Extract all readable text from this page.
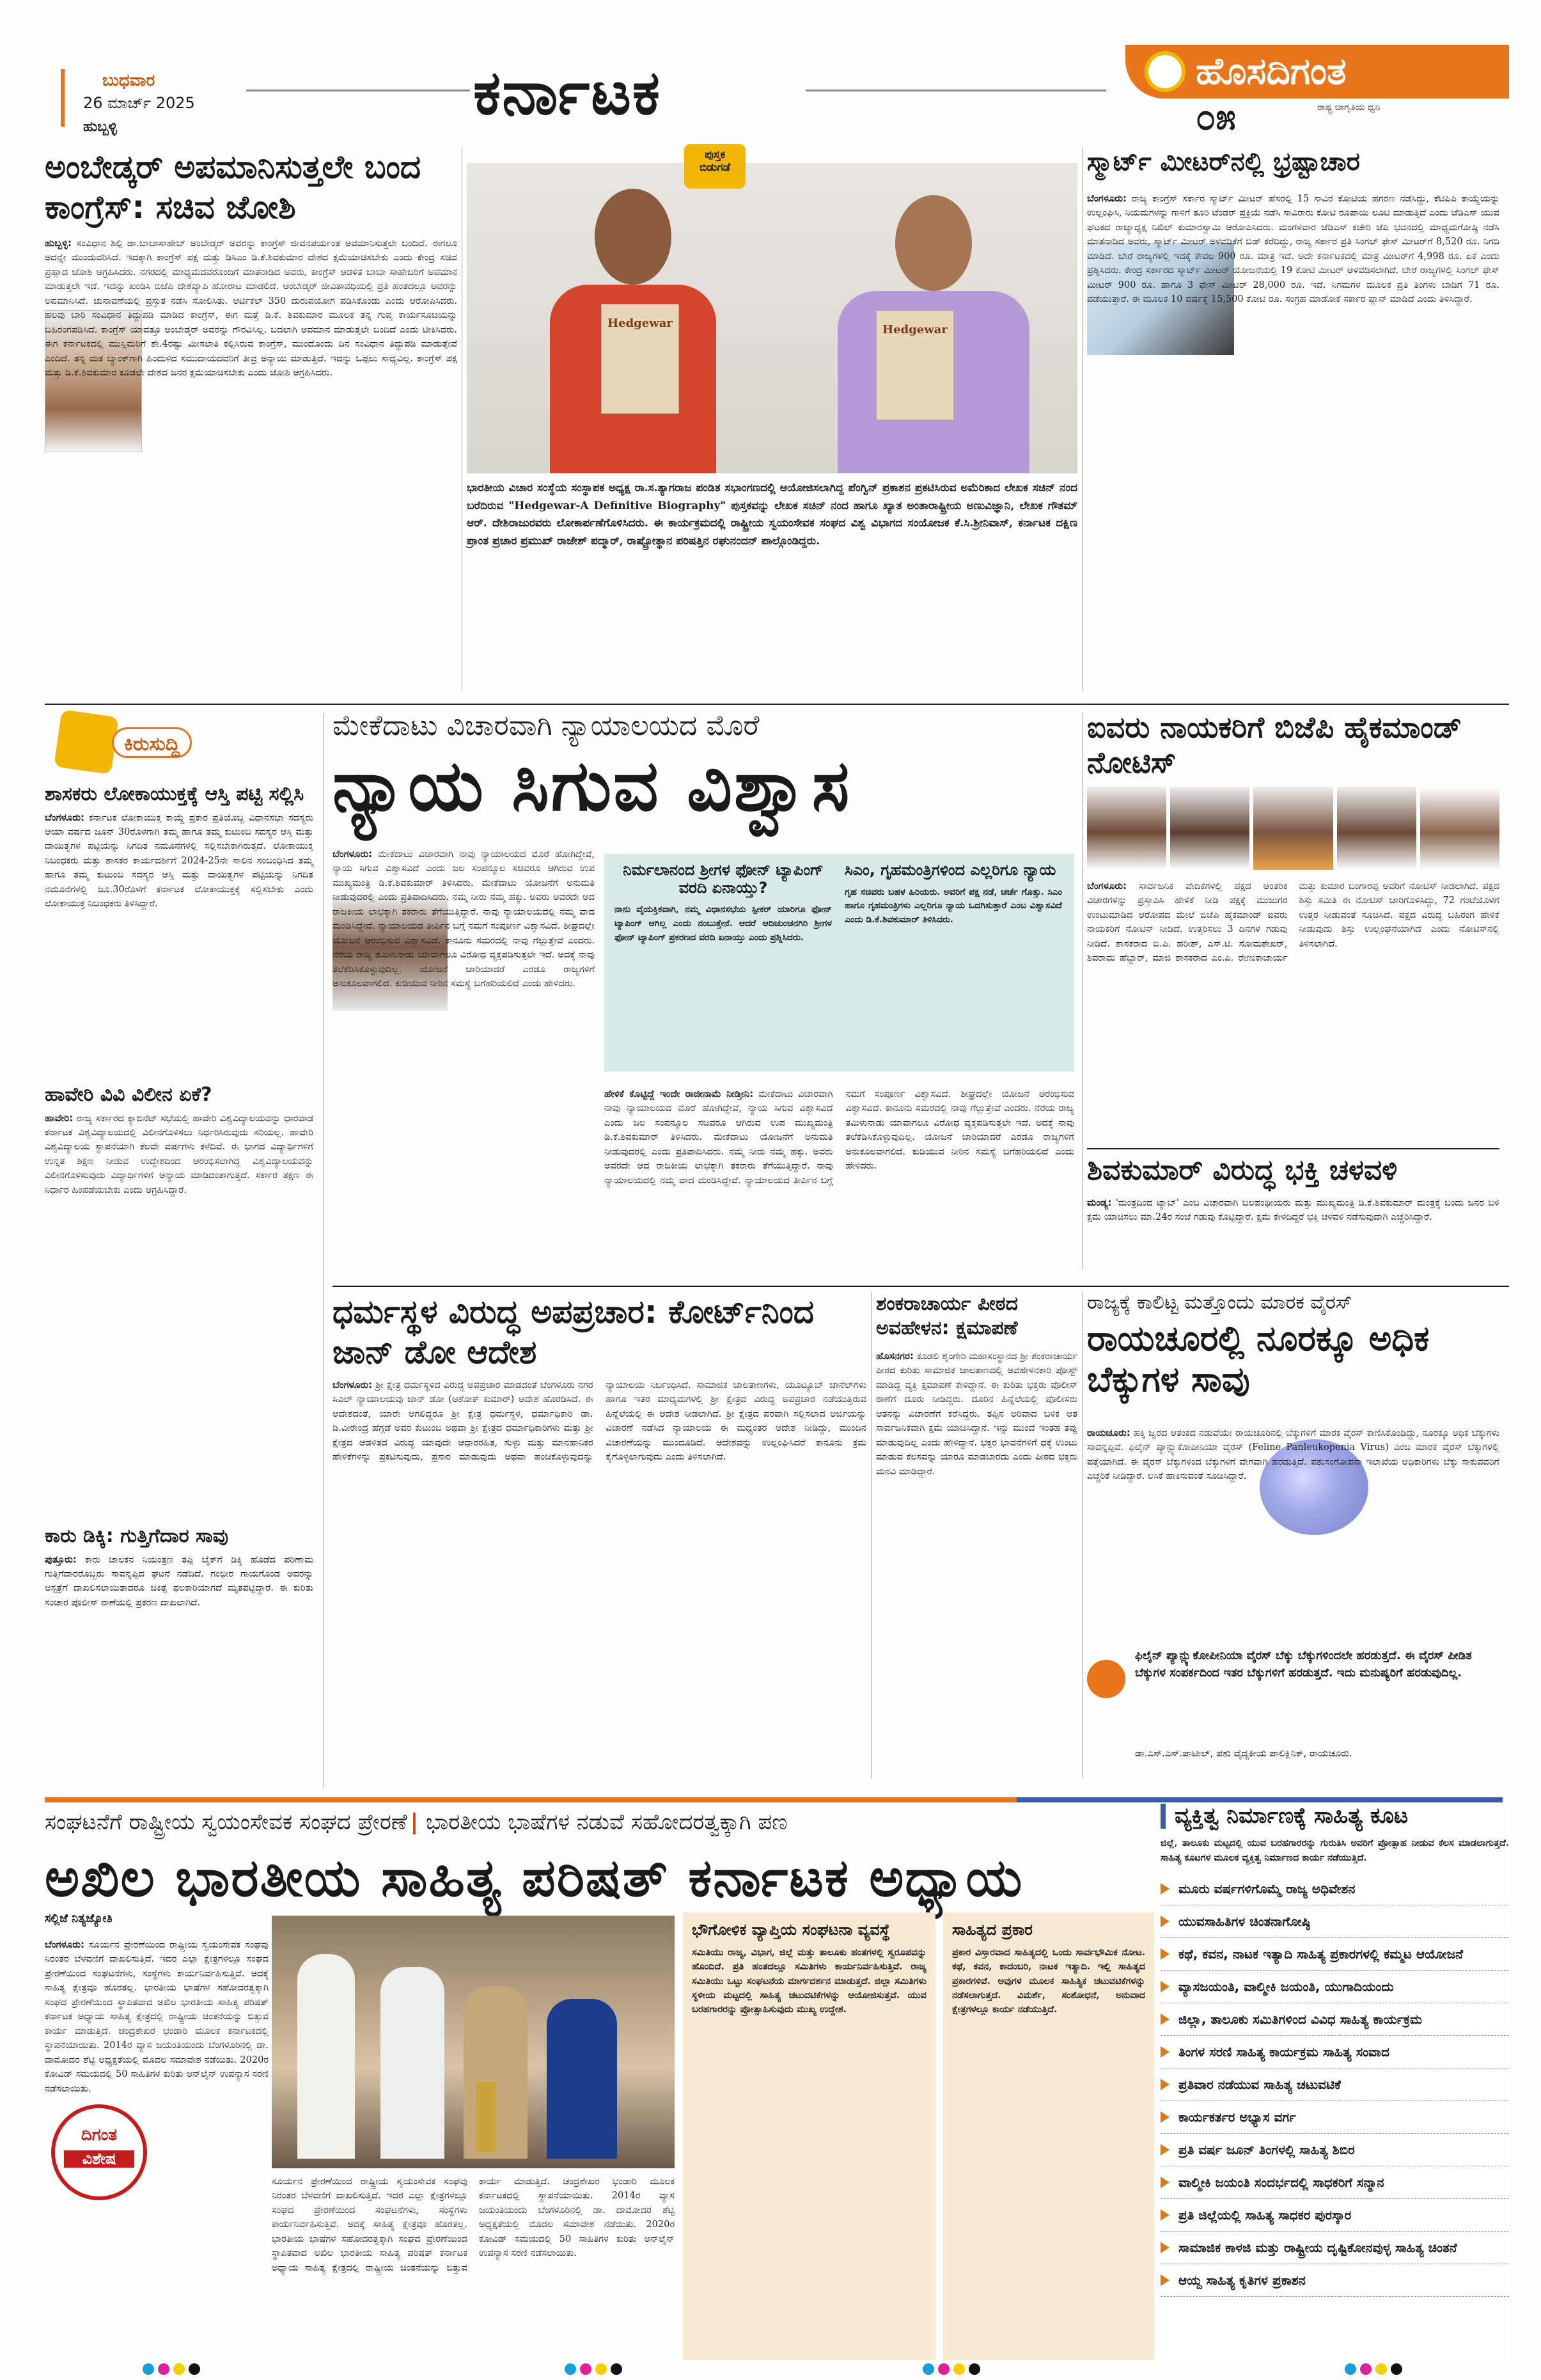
ಬುಧವಾರ
26 ಮಾರ್ಚ್ 2025
ಹುಬ್ಬಳ್ಳಿ	ಕರ್ನಾಟಕ	ಹೊಸದಿಗಂತ
೦೫	ರಾಷ್ಟ್ರ ಜಾಗೃತಿಯ ಧ್ವನಿ
ಅಂಬೇಡ್ಕರ್ ಅಪಮಾನಿಸುತ್ತಲೇ ಬಂದ ಕಾಂಗ್ರೆಸ್: ಸಚಿವ ಜೋಶಿ
ಹುಬ್ಬಳ್ಳಿ: ಸಂವಿಧಾನ ಶಿಲ್ಪಿ ಡಾ.ಬಾಬಾಸಾಹೇಬ್ ಅಂಬೇಡ್ಕರ್ ಅವರನ್ನು ಕಾಂಗ್ರೆಸ್ ಜೀವನಪರ್ಯಂತ ಅವಮಾನಿಸುತ್ತಲೇ ಬಂದಿದೆ. ಈಗಲೂ ಅದನ್ನೇ ಮುಂದುವರಿಸಿದೆ. ಇದಕ್ಕಾಗಿ ಕಾಂಗ್ರೆಸ್ ಪಕ್ಷ ಮತ್ತು ಡಿಸಿಎಂ ಡಿ.ಕೆ.ಶಿವಕುಮಾರ ದೇಶದ ಕ್ಷಮೆಯಾಚಿಸಬೇಕು ಎಂದು ಕೇಂದ್ರ ಸಚಿವ ಪ್ರಹ್ಲಾದ ಜೋಶಿ ಆಗ್ರಹಿಸಿದರು. ನಗರದಲ್ಲಿ ಮಾಧ್ಯಮದವರೊಂದಿಗೆ ಮಾತನಾಡಿದ ಅವರು, ಕಾಂಗ್ರೆಸ್ ಆಡಳಿತ ಬಾಬಾ ಸಾಹೇಬರಿಗೆ ಅಪಮಾನ ಮಾಡುತ್ತಲೇ ಇದೆ. ಇದನ್ನು ಖಂಡಿಸಿ ಬಿಜೆಪಿ ದೇಶವ್ಯಾಪಿ ಹೋರಾಟ ಮಾಡಲಿದೆ. ಅಂಬೇಡ್ಕರ್ ಜೀವಿತಾವಧಿಯಲ್ಲಿ ಪ್ರತಿ ಹಂತದಲ್ಲೂ ಅವರನ್ನು ಅಪಮಾನಿಸಿದೆ. ಚುನಾವಣೆಯಲ್ಲಿ ಪ್ರಸ್ತುತ ನಡೆಸಿ ಸೋಲಿಸಿತು. ಆರ್ಟಿಕಲ್ 350 ದುರುಪಯೋಗ ಪಡಿಸಿಕೊಂಡು ಎಂದು ಆರೋಪಿಸಿದರು. ಹಲವು ಬಾರಿ ಸಂವಿಧಾನ ತಿದ್ದುಪಡಿ ಮಾಡಿದ ಕಾಂಗ್ರೆಸ್, ಈಗ ಮತ್ತೆ ಡಿ.ಕೆ. ಶಿವಕುಮಾರ ಮೂಲಕ ತನ್ನ ಗುಪ್ತ ಕಾರ್ಯಸೂಚಿಯನ್ನು ಬಹಿರಂಗಪಡಿಸಿದೆ. ಕಾಂಗ್ರೆಸ್ ಯಾವತ್ತೂ ಅಂಬೇಡ್ಕರ್ ಅವರನ್ನು ಗೌರವಿಸಿಲ್ಲ. ಬದಲಾಗಿ ಅವಮಾನ ಮಾಡುತ್ತಲೇ ಬಂದಿದೆ ಎಂದು ಟೀಕಿಸಿದರು. ಈಗ ಕರ್ನಾಟಕದಲ್ಲಿ ಮುಸ್ಲಿಮರಿಗೆ ಶೇ.4ರಷ್ಟು ಮೀಸಲಾತಿ ಕಲ್ಪಿಸಿರುವ ಕಾಂಗ್ರೆಸ್, ಮುಂದೊಂದು ದಿನ ಸಂವಿಧಾನ ತಿದ್ದುಪಡಿ ಮಾಡುತ್ತೇವೆ ಎಂದಿದೆ. ತನ್ನ ಮತ ಬ್ಯಾಂಕ್‌ಗಾಗಿ ಹಿಂದುಳಿದ ಸಮುದಾಯದವರಿಗೆ ತೀವ್ರ ಅನ್ಯಾಯ ಮಾಡುತ್ತಿದೆ. ಇದನ್ನು ಒಪ್ಪಲು ಸಾಧ್ಯವಿಲ್ಲ. ಕಾಂಗ್ರೆಸ್ ಪಕ್ಷ ಮತ್ತು ಡಿ.ಕೆ.ಶಿವಕುಮಾರ ಕೂಡಲೇ ದೇಶದ ಜನರ ಕ್ಷಮೆಯಾಚಿಸಬೇಕು ಎಂದು ಜೋಶಿ ಆಗ್ರಹಿಸಿದರು.
Hedgewar	Hedgewar
ಪುಸ್ತಕ
ಬಿಡುಗಡೆ
ಭಾರತೀಯ ವಿಚಾರ ಸಂಸ್ಥೆಯ ಸಂಸ್ಥಾಪಕ ಅಧ್ಯಕ್ಷ ರಾ.ಸ.ತ್ಯಾಗರಾಜ ಪಂಡಿತ ಸಭಾಂಗಣದಲ್ಲಿ ಆಯೋಜಿಸಲಾಗಿದ್ದ ಪೆಂಗ್ವಿನ್ ಪ್ರಕಾಶನ ಪ್ರಕಟಿಸಿರುವ ಅಮೆರಿಕಾದ ಲೇಖಕ ಸಚಿನ್ ನಂದ ಬರೆದಿರುವ "Hedgewar-A Definitive Biography" ಪುಸ್ತಕವನ್ನು ಲೇಖಕ ಸಚಿನ್ ನಂದ ಹಾಗೂ ಖ್ಯಾತ ಅಂತಾರಾಷ್ಟ್ರೀಯ ಅಣುವಿಜ್ಞಾನಿ, ಲೇಖಕ ಗೌತಮ್ ಆರ್. ದೇಶಿರಾಜುರವರು ಲೋಕಾರ್ಪಣೆಗೊಳಿಸಿದರು. ಈ ಕಾರ್ಯಕ್ರಮದಲ್ಲಿ ರಾಷ್ಟ್ರೀಯ ಸ್ವಯಂಸೇವಕ ಸಂಘದ ವಿಶ್ವ ವಿಭಾಗದ ಸಂಯೋಜಕ ಕೆ.ಸಿ.ಶ್ರೀನಿವಾಸ್, ಕರ್ನಾಟಕ ದಕ್ಷಿಣ ಪ್ರಾಂತ ಪ್ರಚಾರ ಪ್ರಮುಖ್ ರಾಜೇಶ್ ಪದ್ಮಾರ್, ರಾಷ್ಟ್ರೋತ್ಥಾನ ಪರಿಷತ್ತಿನ ರಘುನಂದನ್ ಪಾಲ್ಗೊಂಡಿದ್ದರು.
ಸ್ಮಾರ್ಟ್ ಮೀಟರ್‌ನಲ್ಲಿ ಭ್ರಷ್ಟಾಚಾರ
ಬೆಂಗಳೂರು: ರಾಜ್ಯ ಕಾಂಗ್ರೆಸ್ ಸರ್ಕಾರ ಸ್ಮಾರ್ಟ್ ಮೀಟರ್ ಹೆಸರಲ್ಲಿ 15 ಸಾವಿರ ಕೋಟಿಯ ಹಗರಣ ನಡೆಸಿದ್ದು, ಕೆಟಿಪಿಪಿ ಕಾಯ್ದೆಯನ್ನು ಉಲ್ಲಂಘಿಸಿ, ನಿಯಮಗಳನ್ನು ಗಾಳಿಗೆ ತೂರಿ ಟೆಂಡರ್ ಪ್ರಕ್ರಿಯೆ ನಡೆಸಿ ಸಾವಿರಾರು ಕೋಟಿ ರೂಪಾಯಿ ಲೂಟಿ ಮಾಡುತ್ತಿದೆ ಎಂದು ಜೆಡಿಎಸ್ ಯುವ ಘಟಕದ ರಾಜ್ಯಾಧ್ಯಕ್ಷ ನಿಖಿಲ್ ಕುಮಾರಸ್ವಾಮಿ ಆರೋಪಿಸಿದರು. ಮಂಗಳವಾರ ಜೆಡಿಎಸ್ ಕಚೇರಿ ಜೆಪಿ ಭವನದಲ್ಲಿ ಮಾಧ್ಯಮಗೋಷ್ಠಿ ನಡೆಸಿ ಮಾತನಾಡಿದ ಅವರು, ಸ್ಮಾರ್ಟ್ ಮೀಟರ್ ಅಳವಡಿಕೆಗೆ ಬಿಡ್ ಕರೆದಿದ್ದು, ರಾಜ್ಯ ಸರ್ಕಾರ ಪ್ರತಿ ಸಿಂಗಲ್ ಫೇಸ್ ಮೀಟರ್‌ಗೆ 8,520 ರೂ. ನಿಗದಿ ಮಾಡಿದೆ. ಬೇರೆ ರಾಜ್ಯಗಳಲ್ಲಿ ಇದಕ್ಕೆ ಕೇವಲ 900 ರೂ. ಮಾತ್ರ ಇದೆ. ಅದೇ ಕರ್ನಾಟಕದಲ್ಲಿ ಮಾತ್ರ ಮೀಟರ್‌ಗೆ 4,998 ರೂ. ಏಕೆ ಎಂದು ಪ್ರಶ್ನಿಸಿದರು. ಕೇಂದ್ರ ಸರ್ಕಾರದ ಸ್ಮಾರ್ಟ್ ಮೀಟರ್ ಯೋಜನೆಯಲ್ಲಿ 19 ಕೋಟಿ ಮೀಟರ್ ಅಳವಡಿಸಲಾಗಿದೆ. ಬೇರೆ ರಾಜ್ಯಗಳಲ್ಲಿ ಸಿಂಗಲ್ ಫೇಸ್ ಮೀಟರ್ 900 ರೂ. ಹಾಗೂ 3 ಫೇಸ್ ಮೀಟರ್ 28,000 ರೂ. ಇದೆ. ನಿಗಮಗಳ ಮೂಲಕ ಪ್ರತಿ ತಿಂಗಳು ಬಾಡಿಗೆ 71 ರೂ. ಪಡೆಯುತ್ತಾರೆ. ಈ ಮೂಲಕ 10 ವರ್ಷಕ್ಕೆ 15,500 ಕೋಟಿ ರೂ. ಸಂಗ್ರಹ ಮಾಡೋಕೆ ಸರ್ಕಾರ ಪ್ಲಾನ್ ಮಾಡಿದೆ ಎಂದು ತಿಳಿಸಿದ್ದಾರೆ.
ಕಿರುಸುದ್ದಿ
ಶಾಸಕರು ಲೋಕಾಯುಕ್ತಕ್ಕೆ ಆಸ್ತಿ ಪಟ್ಟಿ ಸಲ್ಲಿಸಿ
ಬೆಂಗಳೂರು: ಕರ್ನಾಟಕ ಲೋಕಾಯುಕ್ತ ಕಾಯ್ದೆ ಪ್ರಕಾರ ಪ್ರತಿಯೊಬ್ಬ ವಿಧಾನಸಭಾ ಸದಸ್ಯರು ಆಯಾ ವರ್ಷದ ಜೂನ್ 30ರೊಳಗಾಗಿ ತಮ್ಮ ಹಾಗೂ ತಮ್ಮ ಕುಟುಂಬ ಸದಸ್ಯರ ಆಸ್ತಿ ಮತ್ತು ದಾಯಿತ್ವಗಳ ಪಟ್ಟಿಯನ್ನು ನಿಗದಿತ ನಮೂನೆಗಳಲ್ಲಿ ಸಲ್ಲಿಸಬೇಕಾಗಿರುತ್ತದೆ. ಲೋಕಾಯುಕ್ತ ನಿಬಂಧಕರು ಮತ್ತು ಶಾಸಕರ ಕಾರ್ಯದರ್ಶಿಗೆ 2024-25ನೇ ಸಾಲಿನ ಸಂಬಂಧಿಸಿದ ತಮ್ಮ ಹಾಗೂ ತಮ್ಮ ಕುಟುಂಬ ಸದಸ್ಯರ ಆಸ್ತಿ ಮತ್ತು ದಾಯಿತ್ವಗಳ ಪಟ್ಟಿಯನ್ನು ನಿಗದಿತ ನಮೂನೆಗಳಲ್ಲಿ ಜೂ.30ರೊಳಗೆ ಕರ್ನಾಟಕ ಲೋಕಾಯುಕ್ತಕ್ಕೆ ಸಲ್ಲಿಸಬೇಕು ಎಂದು ಲೋಕಾಯುಕ್ತ ನಿಬಂಧಕರು ತಿಳಿಸಿದ್ದಾರೆ.
ಹಾವೇರಿ ವಿವಿ ವಿಲೀನ ಏಕೆ?
ಹಾವೇರಿ: ರಾಜ್ಯ ಸರ್ಕಾರದ ಕ್ಯಾಬಿನೆಟ್ ಸಭೆಯಲ್ಲಿ ಹಾವೇರಿ ವಿಶ್ವವಿದ್ಯಾಲಯವನ್ನು ಧಾರವಾಡ ಕರ್ನಾಟಕ ವಿಶ್ವವಿದ್ಯಾಲಯದಲ್ಲಿ ವಿಲೀನಗೊಳಿಸಲು ನಿರ್ಧರಿಸಿರುವುದು ಸರಿಯಲ್ಲ. ಹಾವೇರಿ ವಿಶ್ವವಿದ್ಯಾಲಯ ಸ್ಥಾಪನೆಯಾಗಿ ಕೆಲವೇ ವರ್ಷಗಳು ಕಳೆದಿವೆ. ಈ ಭಾಗದ ವಿದ್ಯಾರ್ಥಿಗಳಿಗೆ ಉನ್ನತ ಶಿಕ್ಷಣ ನೀಡುವ ಉದ್ದೇಶದಿಂದ ಆರಂಭಿಸಲಾಗಿದ್ದ ವಿಶ್ವವಿದ್ಯಾಲಯವನ್ನು ವಿಲೀನಗೊಳಿಸುವುದು ವಿದ್ಯಾರ್ಥಿಗಳಿಗೆ ಅನ್ಯಾಯ ಮಾಡಿದಂತಾಗುತ್ತದೆ. ಸರ್ಕಾರ ತಕ್ಷಣ ಈ ನಿರ್ಧಾರ ಹಿಂಪಡೆಯಬೇಕು ಎಂದು ಆಗ್ರಹಿಸಿದ್ದಾರೆ.
ಕಾರು ಡಿಕ್ಕಿ: ಗುತ್ತಿಗೆದಾರ ಸಾವು
ಪುತ್ತೂರು: ಕಾರು ಚಾಲಕನ ನಿಯಂತ್ರಣ ತಪ್ಪಿ ಬೈಕ್‌ಗೆ ಡಿಕ್ಕಿ ಹೊಡೆದ ಪರಿಣಾಮ ಗುತ್ತಿಗೆದಾರರೊಬ್ಬರು ಸಾವನ್ನಪ್ಪಿದ ಘಟನೆ ನಡೆದಿದೆ. ಗಂಭೀರ ಗಾಯಗೊಂಡ ಅವರನ್ನು ಆಸ್ಪತ್ರೆಗೆ ದಾಖಲಿಸಲಾಯಿತಾದರೂ ಚಿಕಿತ್ಸೆ ಫಲಕಾರಿಯಾಗದೆ ಮೃತಪಟ್ಟಿದ್ದಾರೆ. ಈ ಕುರಿತು ಸಂಚಾರ ಪೊಲೀಸ್ ಠಾಣೆಯಲ್ಲಿ ಪ್ರಕರಣ ದಾಖಲಾಗಿದೆ.
ಮೇಕೆದಾಟು ವಿಚಾರವಾಗಿ ನ್ಯಾಯಾಲಯದ ಮೊರೆ
ನ್ಯಾಯ ಸಿಗುವ ವಿಶ್ವಾಸ
ಬೆಂಗಳೂರು: ಮೇಕೆದಾಟು ವಿಚಾರವಾಗಿ ನಾವು ನ್ಯಾಯಾಲಯದ ಮೊರೆ ಹೋಗಿದ್ದೇವೆ, ನ್ಯಾಯ ಸಿಗುವ ವಿಶ್ವಾಸವಿದೆ ಎಂದು ಜಲ ಸಂಪನ್ಮೂಲ ಸಚಿವರೂ ಆಗಿರುವ ಉಪ ಮುಖ್ಯಮಂತ್ರಿ ಡಿ.ಕೆ.ಶಿವಕುಮಾರ್ ತಿಳಿಸಿದರು. ಮೇಕೆದಾಟು ಯೋಜನೆಗೆ ಅನುಮತಿ ನೀಡುವುದರಲ್ಲಿ ಎಂದು ಪ್ರತಿಪಾದಿಸಿದರು. ನಮ್ಮ ನೀರು ನಮ್ಮ ಹಕ್ಕು. ಅವರು ಅವರದೇ ಆದ ರಾಜಕೀಯ ಲಾಭಕ್ಕಾಗಿ ತಕರಾರು ತೆಗೆಯುತ್ತಿದ್ದಾರೆ. ನಾವು ನ್ಯಾಯಾಲಯದಲ್ಲಿ ನಮ್ಮ ವಾದ ಮಂಡಿಸಿದ್ದೇವೆ. ನ್ಯಾಯಾಲಯದ ತೀರ್ಪಿನ ಬಗ್ಗೆ ನಮಗೆ ಸಂಪೂರ್ಣ ವಿಶ್ವಾಸವಿದೆ. ಶೀಘ್ರದಲ್ಲೇ ಯೋಜನೆ ಆರಂಭಿಸುವ ವಿಶ್ವಾಸವಿದೆ. ಕಾನೂನು ಸಮರದಲ್ಲಿ ನಾವು ಗೆಲ್ಲುತ್ತೇವೆ ಎಂದರು. ನೆರೆಯ ರಾಜ್ಯ ತಮಿಳುನಾಡು ಯಾವಾಗಲೂ ವಿರೋಧ ವ್ಯಕ್ತಪಡಿಸುತ್ತಲೇ ಇದೆ. ಅದಕ್ಕೆ ನಾವು ತಲೆಕೆಡಿಸಿಕೊಳ್ಳುವುದಿಲ್ಲ. ಯೋಜನೆ ಜಾರಿಯಾದರೆ ಎರಡೂ ರಾಜ್ಯಗಳಿಗೆ ಅನುಕೂಲವಾಗಲಿದೆ. ಕುಡಿಯುವ ನೀರಿನ ಸಮಸ್ಯೆ ಬಗೆಹರಿಯಲಿದೆ ಎಂದು ಹೇಳಿದರು.
ನಿರ್ಮಲಾನಂದ ಶ್ರೀಗಳ ಫೋನ್ ಟ್ಯಾಪಿಂಗ್ ವರದಿ ಏನಾಯ್ತು?
ನಾನು ವೈಯಕ್ತಿಕವಾಗಿ, ನಮ್ಮ ವಿಧಾನಸಭೆಯ ಸ್ಪೀಕರ್ ಯಾರಿಗೂ ಫೋನ್ ಟ್ಯಾಪಿಂಗ್ ಆಗಿಲ್ಲ ಎಂದು ನಂಬುತ್ತೇನೆ. ಆದರೆ ಆದಿಚುಂಚನಗಿರಿ ಶ್ರೀಗಳ ಫೋನ್ ಟ್ಯಾಪಿಂಗ್ ಪ್ರಕರಣದ ವರದಿ ಏನಾಯ್ತು ಎಂದು ಪ್ರಶ್ನಿಸಿದರು.
ಸಿಎಂ, ಗೃಹಮಂತ್ರಿಗಳಿಂದ ಎಲ್ಲರಿಗೂ ನ್ಯಾಯ
ಗೃಹ ಸಚಿವರು ಬಹಳ ಹಿರಿಯರು. ಅವರಿಗೆ ಪಕ್ಷ ನಡೆ, ಚರ್ಚೆ ಗೊತ್ತು. ಸಿಎಂ ಹಾಗೂ ಗೃಹಮಂತ್ರಿಗಳು ಎಲ್ಲರಿಗೂ ನ್ಯಾಯ ಒದಗಿಸುತ್ತಾರೆ ಎಂಬ ವಿಶ್ವಾಸವಿದೆ ಎಂದು ಡಿ.ಕೆ.ಶಿವಕುಮಾರ್ ತಿಳಿಸಿದರು.
ಹೇಳಿಕೆ ಕೊಟ್ಟಿದ್ದೆ ಇಂದೇ ರಾಜೀನಾಮೆ ನೀಡ್ತೀನಿ: ಮೇಕೆದಾಟು ವಿಚಾರವಾಗಿ ನಾವು ನ್ಯಾಯಾಲಯದ ಮೊರೆ ಹೋಗಿದ್ದೇವೆ, ನ್ಯಾಯ ಸಿಗುವ ವಿಶ್ವಾಸವಿದೆ ಎಂದು ಜಲ ಸಂಪನ್ಮೂಲ ಸಚಿವರೂ ಆಗಿರುವ ಉಪ ಮುಖ್ಯಮಂತ್ರಿ ಡಿ.ಕೆ.ಶಿವಕುಮಾರ್ ತಿಳಿಸಿದರು. ಮೇಕೆದಾಟು ಯೋಜನೆಗೆ ಅನುಮತಿ ನೀಡುವುದರಲ್ಲಿ ಎಂದು ಪ್ರತಿಪಾದಿಸಿದರು. ನಮ್ಮ ನೀರು ನಮ್ಮ ಹಕ್ಕು. ಅವರು ಅವರದೇ ಆದ ರಾಜಕೀಯ ಲಾಭಕ್ಕಾಗಿ ತಕರಾರು ತೆಗೆಯುತ್ತಿದ್ದಾರೆ. ನಾವು ನ್ಯಾಯಾಲಯದಲ್ಲಿ ನಮ್ಮ ವಾದ ಮಂಡಿಸಿದ್ದೇವೆ. ನ್ಯಾಯಾಲಯದ ತೀರ್ಪಿನ ಬಗ್ಗೆ ನಮಗೆ ಸಂಪೂರ್ಣ ವಿಶ್ವಾಸವಿದೆ. ಶೀಘ್ರದಲ್ಲೇ ಯೋಜನೆ ಆರಂಭಿಸುವ ವಿಶ್ವಾಸವಿದೆ. ಕಾನೂನು ಸಮರದಲ್ಲಿ ನಾವು ಗೆಲ್ಲುತ್ತೇವೆ ಎಂದರು. ನೆರೆಯ ರಾಜ್ಯ ತಮಿಳುನಾಡು ಯಾವಾಗಲೂ ವಿರೋಧ ವ್ಯಕ್ತಪಡಿಸುತ್ತಲೇ ಇದೆ. ಅದಕ್ಕೆ ನಾವು ತಲೆಕೆಡಿಸಿಕೊಳ್ಳುವುದಿಲ್ಲ. ಯೋಜನೆ ಜಾರಿಯಾದರೆ ಎರಡೂ ರಾಜ್ಯಗಳಿಗೆ ಅನುಕೂಲವಾಗಲಿದೆ. ಕುಡಿಯುವ ನೀರಿನ ಸಮಸ್ಯೆ ಬಗೆಹರಿಯಲಿದೆ ಎಂದು ಹೇಳಿದರು.
ಐವರು ನಾಯಕರಿಗೆ ಬಿಜೆಪಿ ಹೈಕಮಾಂಡ್ ನೋಟಿಸ್
ಬೆಂಗಳೂರು: ಸಾರ್ವಜನಿಕ ವೇದಿಕೆಗಳಲ್ಲಿ ಪಕ್ಷದ ಆಂತರಿಕ ವಿಚಾರಗಳನ್ನು ಪ್ರಸ್ತಾಪಿಸಿ ಹೇಳಿಕೆ ನೀಡಿ ಪಕ್ಷಕ್ಕೆ ಮುಜುಗರ ಉಂಟುಮಾಡಿದ ಆರೋಪದ ಮೇಲೆ ಬಿಜೆಪಿ ಹೈಕಮಾಂಡ್ ಐವರು ನಾಯಕರಿಗೆ ನೋಟಿಸ್ ನೀಡಿದೆ. ಉತ್ತರಿಸಲು 3 ದಿನಗಳ ಗಡುವು ನೀಡಿದೆ. ಶಾಸಕರಾದ ಬಿ.ಪಿ. ಹರೀಶ್, ಎಸ್.ಟಿ. ಸೋಮಶೇಖರ್, ಶಿವರಾಮ ಹೆಬ್ಬಾರ್, ಮಾಜಿ ಶಾಸಕರಾದ ಎಂ.ಪಿ. ರೇಣುಕಾಚಾರ್ಯ ಮತ್ತು ಕುಮಾರ ಬಂಗಾರಪ್ಪ ಅವರಿಗೆ ನೋಟಿಸ್ ನೀಡಲಾಗಿದೆ. ಪಕ್ಷದ ಶಿಸ್ತು ಸಮಿತಿ ಈ ನೋಟಿಸ್ ಜಾರಿಗೊಳಿಸಿದ್ದು, 72 ಗಂಟೆಯೊಳಗೆ ಉತ್ತರ ನೀಡುವಂತೆ ಸೂಚಿಸಿದೆ. ಪಕ್ಷದ ವಿರುದ್ಧ ಬಹಿರಂಗ ಹೇಳಿಕೆ ನೀಡುವುದು ಶಿಸ್ತು ಉಲ್ಲಂಘನೆಯಾಗಿದೆ ಎಂದು ನೋಟಿಸ್‌ನಲ್ಲಿ ತಿಳಿಸಲಾಗಿದೆ.
ಶಿವಕುಮಾರ್ ವಿರುದ್ಧ ಭಕ್ತಿ ಚಳವಳಿ
ಮಂಡ್ಯ: 'ಮಂತ್ರದಿಂದ ಟ್ಯಾಬ್' ಎಂಬ ವಿಚಾರವಾಗಿ ಬಲಪಂಥೀಯರು ಮತ್ತು ಮುಖ್ಯಮಂತ್ರಿ ಡಿ.ಕೆ.ಶಿವಕುಮಾರ್ ಮಂತ್ರಕ್ಕೆ ಬಂದು ಜನರ ಬಳಿ ಕ್ಷಮೆ ಯಾಚಿಸಲು ಮಾ.24ರ ಸಂಜೆ ಗಡುವು ಕೊಟ್ಟಿದ್ದಾರೆ. ಕ್ಷಮೆ ಕೇಳದಿದ್ದರೆ ಭಕ್ತಿ ಚಳವಳಿ ನಡೆಸುವುದಾಗಿ ಎಚ್ಚರಿಸಿದ್ದಾರೆ.
ಧರ್ಮಸ್ಥಳ ವಿರುದ್ಧ ಅಪಪ್ರಚಾರ: ಕೋರ್ಟ್‌ನಿಂದ ಜಾನ್ ಡೋ ಆದೇಶ
ಬೆಂಗಳೂರು: ಶ್ರೀ ಕ್ಷೇತ್ರ ಧರ್ಮಸ್ಥಳದ ವಿರುದ್ಧ ಅಪಪ್ರಚಾರ ಮಾಡದಂತೆ ಬೆಂಗಳೂರು ನಗರ ಸಿವಿಲ್ ನ್ಯಾಯಾಲಯವು ಜಾನ್ ಡೋ (ಅಶೋಕ್ ಕುಮಾರ್) ಆದೇಶ ಹೊರಡಿಸಿದೆ. ಈ ಆದೇಶದಂತೆ, ಯಾರೇ ಆಗಲಿದ್ದರೂ ಶ್ರೀ ಕ್ಷೇತ್ರ ಧರ್ಮಸ್ಥಳ, ಧರ್ಮಾಧಿಕಾರಿ ಡಾ. ಡಿ.ವೀರೇಂದ್ರ ಹೆಗ್ಗಡೆ ಅವರ ಕುಟುಂಬ ಅಥವಾ ಶ್ರೀ ಕ್ಷೇತ್ರದ ಧರ್ಮಾಧಿಕಾರಿಗಳು ಮತ್ತು ಶ್ರೀ ಕ್ಷೇತ್ರದ ಆಡಳಿತದ ವಿರುದ್ಧ ಯಾವುದೇ ಆಧಾರರಹಿತ, ಸುಳ್ಳು ಮತ್ತು ಮಾನಹಾನಿಕರ ಹೇಳಿಕೆಗಳನ್ನು ಪ್ರಕಟಿಸುವುದು, ಪ್ರಸಾರ ಮಾಡುವುದು ಅಥವಾ ಹಂಚಿಕೊಳ್ಳುವುದನ್ನು ನ್ಯಾಯಾಲಯ ನಿರ್ಬಂಧಿಸಿದೆ. ಸಾಮಾಜಿಕ ಜಾಲತಾಣಗಳು, ಯೂಟ್ಯೂಬ್ ಚಾನೆಲ್‌ಗಳು ಹಾಗೂ ಇತರ ಮಾಧ್ಯಮಗಳಲ್ಲಿ ಶ್ರೀ ಕ್ಷೇತ್ರದ ವಿರುದ್ಧ ಅಪಪ್ರಚಾರ ನಡೆಯುತ್ತಿರುವ ಹಿನ್ನೆಲೆಯಲ್ಲಿ ಈ ಆದೇಶ ನೀಡಲಾಗಿದೆ. ಶ್ರೀ ಕ್ಷೇತ್ರದ ಪರವಾಗಿ ಸಲ್ಲಿಸಲಾದ ಅರ್ಜಿಯನ್ನು ವಿಚಾರಣೆ ನಡೆಸಿದ ನ್ಯಾಯಾಲಯ ಈ ಮಧ್ಯಂತರ ಆದೇಶ ನೀಡಿದ್ದು, ಮುಂದಿನ ವಿಚಾರಣೆಯನ್ನು ಮುಂದೂಡಿದೆ. ಆದೇಶವನ್ನು ಉಲ್ಲಂಘಿಸಿದರೆ ಕಾನೂನು ಕ್ರಮ ಕೈಗೊಳ್ಳಲಾಗುವುದು ಎಂದು ತಿಳಿಸಲಾಗಿದೆ.
ಶಂಕರಾಚಾರ್ಯ ಪೀಠದ ಅವಹೇಳನ: ಕ್ಷಮಾಪಣೆ
ಹೊಸನಗರ: ಕೂಡಲಿ ಶೃಂಗೇರಿ ಮಹಾಸಂಸ್ಥಾನದ ಶ್ರೀ ಶಂಕರಾಚಾರ್ಯ ಪೀಠದ ಕುರಿತು ಸಾಮಾಜಿಕ ಜಾಲತಾಣದಲ್ಲಿ ಅವಹೇಳನಕಾರಿ ಪೋಸ್ಟ್ ಮಾಡಿದ್ದ ವ್ಯಕ್ತಿ ಕ್ಷಮಾಪಣೆ ಕೇಳಿದ್ದಾನೆ. ಈ ಕುರಿತು ಭಕ್ತರು ಪೊಲೀಸ್ ಠಾಣೆಗೆ ದೂರು ನೀಡಿದ್ದರು. ದೂರಿನ ಹಿನ್ನೆಲೆಯಲ್ಲಿ ಪೊಲೀಸರು ಆತನನ್ನು ವಿಚಾರಣೆಗೆ ಕರೆಸಿದ್ದರು. ತಪ್ಪಿನ ಅರಿವಾದ ಬಳಿಕ ಆತ ಸಾರ್ವಜನಿಕವಾಗಿ ಕ್ಷಮೆ ಯಾಚಿಸಿದ್ದಾನೆ. ಇನ್ನು ಮುಂದೆ ಇಂತಹ ತಪ್ಪು ಮಾಡುವುದಿಲ್ಲ ಎಂದು ಹೇಳಿದ್ದಾನೆ. ಭಕ್ತರ ಭಾವನೆಗಳಿಗೆ ಧಕ್ಕೆ ಉಂಟು ಮಾಡುವ ಕೆಲಸವನ್ನು ಯಾರೂ ಮಾಡಬಾರದು ಎಂದು ಪೀಠದ ಭಕ್ತರು ಮನವಿ ಮಾಡಿದ್ದಾರೆ.
ರಾಜ್ಯಕ್ಕೆ ಕಾಲಿಟ್ಟ ಮತ್ತೊಂದು ಮಾರಕ ವೈರಸ್
ರಾಯಚೂರಲ್ಲಿ ನೂರಕ್ಕೂ ಅಧಿಕ ಬೆಕ್ಕುಗಳ ಸಾವು
ರಾಯಚೂರು: ಹಕ್ಕಿ ಜ್ವರದ ಆತಂಕದ ನಡುವೆಯೇ ರಾಯಚೂರಿನಲ್ಲಿ ಬೆಕ್ಕುಗಳಿಗೆ ಮಾರಕ ವೈರಸ್ ಕಾಣಿಸಿಕೊಂಡಿದ್ದು, ನೂರಕ್ಕೂ ಅಧಿಕ ಬೆಕ್ಕುಗಳು ಸಾವನ್ನಪ್ಪಿವೆ. ಫಿಲೈನ್ ಪ್ಯಾನ್ಲ್ಯುಕೋಪೀನಿಯಾ ವೈರಸ್ (Feline Panleukopenia Virus) ಎಂಬ ಮಾರಕ ವೈರಸ್ ಬೆಕ್ಕುಗಳಲ್ಲಿ ಪತ್ತೆಯಾಗಿದೆ. ಈ ವೈರಸ್ ಬೆಕ್ಕುಗಳಿಂದ ಬೆಕ್ಕುಗಳಿಗೆ ವೇಗವಾಗಿ ಹರಡುತ್ತಿದೆ. ಪಶುಸಂಗೋಪನಾ ಇಲಾಖೆಯ ಅಧಿಕಾರಿಗಳು ಬೆಕ್ಕು ಸಾಕುವವರಿಗೆ ಎಚ್ಚರಿಕೆ ನೀಡಿದ್ದಾರೆ. ಲಸಿಕೆ ಹಾಕಿಸುವಂತೆ ಸೂಚಿಸಿದ್ದಾರೆ.
ಫಿಲೈನ್ ಪ್ಯಾನ್ಲ್ಯುಕೋಪೀನಿಯಾ ವೈರಸ್ ಬೆಕ್ಕು ಬೆಕ್ಕುಗಳಿಂದಲೇ ಹರಡುತ್ತದೆ. ಈ ವೈರಸ್ ಪೀಡಿತ ಬೆಕ್ಕುಗಳ ಸಂಪರ್ಕದಿಂದ ಇತರ ಬೆಕ್ಕುಗಳಿಗೆ ಹರಡುತ್ತದೆ. ಇದು ಮನುಷ್ಯರಿಗೆ ಹರಡುವುದಿಲ್ಲ.
ಡಾ.ಎಸ್.ಎಸ್.ಪಾಟೀಲ್, ಪಶು ವೈದ್ಯಕೀಯ ಪಾಲಿಕ್ಲಿನಿಕ್, ರಾಯಚೂರು.
ಸಂಘಟನೆಗೆ ರಾಷ್ಟ್ರೀಯ ಸ್ವಯಂಸೇವಕ ಸಂಘದ ಪ್ರೇರಣೆ | ಭಾರತೀಯ ಭಾಷೆಗಳ ನಡುವೆ ಸಹೋದರತ್ವಕ್ಕಾಗಿ ಪಣ
ಅಖಿಲ ಭಾರತೀಯ ಸಾಹಿತ್ಯ ಪರಿಷತ್ ಕರ್ನಾಟಕ ಅಧ್ಯಾಯ
ಸಲ್ಲಿಜೆ ನಿತ್ಯಜ್ಯೋತಿ
ಬೆಂಗಳೂರು: ಸೂರ್ಯನ ಪ್ರೇರಣೆಯಿಂದ ರಾಷ್ಟ್ರೀಯ ಸ್ವಯಂಸೇವಕ ಸಂಘವು ನಿರಂತರ ಬೆಳವಣಿಗೆ ದಾಖಲಿಸುತ್ತಿದೆ. ಇದರ ಎಲ್ಲಾ ಕ್ಷೇತ್ರಗಳಲ್ಲೂ ಸಂಘದ ಪ್ರೇರಣೆಯಿಂದ ಸಂಘಟನೆಗಳು, ಸಂಸ್ಥೆಗಳು ಕಾರ್ಯನಿರ್ವಹಿಸುತ್ತಿವೆ. ಅದಕ್ಕೆ ಸಾಹಿತ್ಯ ಕ್ಷೇತ್ರವೂ ಹೊರತಲ್ಲ. ಭಾರತೀಯ ಭಾಷೆಗಳ ಸಹೋದರತ್ವಕ್ಕಾಗಿ ಸಂಘದ ಪ್ರೇರಣೆಯಿಂದ ಸ್ಥಾಪಿತವಾದ ಅಖಿಲ ಭಾರತೀಯ ಸಾಹಿತ್ಯ ಪರಿಷತ್ ಕರ್ನಾಟಕ ಅಧ್ಯಾಯ ಸಾಹಿತ್ಯ ಕ್ಷೇತ್ರದಲ್ಲಿ ರಾಷ್ಟ್ರೀಯ ಚಿಂತನೆಯನ್ನು ಬಿತ್ತುವ ಕಾರ್ಯ ಮಾಡುತ್ತಿದೆ. ಚಂದ್ರಶೇಖರ ಭಂಡಾರಿ ಮೂಲಕ ಕರ್ನಾಟಕದಲ್ಲಿ ಸ್ಥಾಪನೆಯಾಯಿತು. 2014ರ ವ್ಯಾಸ ಜಯಂತಿಯಂದು ಬೆಂಗಳೂರಿನಲ್ಲಿ ಡಾ. ದಾಮೋದರ ಶೆಟ್ಟಿ ಅಧ್ಯಕ್ಷತೆಯಲ್ಲಿ ಮೊದಲ ಸಮಾವೇಶ ನಡೆಯಿತು. 2020ರ ಕೋವಿಡ್ ಸಮಯದಲ್ಲಿ 50 ಸಾಹಿತಿಗಳ ಕುರಿತು ಆನ್‌ಲೈನ್ ಉಪನ್ಯಾಸ ಸರಣಿ ನಡೆಸಲಾಯಿತು.
ದಿಗಂತ
ವಿಶೇಷ
ಸೂರ್ಯನ ಪ್ರೇರಣೆಯಿಂದ ರಾಷ್ಟ್ರೀಯ ಸ್ವಯಂಸೇವಕ ಸಂಘವು ನಿರಂತರ ಬೆಳವಣಿಗೆ ದಾಖಲಿಸುತ್ತಿದೆ. ಇದರ ಎಲ್ಲಾ ಕ್ಷೇತ್ರಗಳಲ್ಲೂ ಸಂಘದ ಪ್ರೇರಣೆಯಿಂದ ಸಂಘಟನೆಗಳು, ಸಂಸ್ಥೆಗಳು ಕಾರ್ಯನಿರ್ವಹಿಸುತ್ತಿವೆ. ಅದಕ್ಕೆ ಸಾಹಿತ್ಯ ಕ್ಷೇತ್ರವೂ ಹೊರತಲ್ಲ. ಭಾರತೀಯ ಭಾಷೆಗಳ ಸಹೋದರತ್ವಕ್ಕಾಗಿ ಸಂಘದ ಪ್ರೇರಣೆಯಿಂದ ಸ್ಥಾಪಿತವಾದ ಅಖಿಲ ಭಾರತೀಯ ಸಾಹಿತ್ಯ ಪರಿಷತ್ ಕರ್ನಾಟಕ ಅಧ್ಯಾಯ ಸಾಹಿತ್ಯ ಕ್ಷೇತ್ರದಲ್ಲಿ ರಾಷ್ಟ್ರೀಯ ಚಿಂತನೆಯನ್ನು ಬಿತ್ತುವ ಕಾರ್ಯ ಮಾಡುತ್ತಿದೆ. ಚಂದ್ರಶೇಖರ ಭಂಡಾರಿ ಮೂಲಕ ಕರ್ನಾಟಕದಲ್ಲಿ ಸ್ಥಾಪನೆಯಾಯಿತು. 2014ರ ವ್ಯಾಸ ಜಯಂತಿಯಂದು ಬೆಂಗಳೂರಿನಲ್ಲಿ ಡಾ. ದಾಮೋದರ ಶೆಟ್ಟಿ ಅಧ್ಯಕ್ಷತೆಯಲ್ಲಿ ಮೊದಲ ಸಮಾವೇಶ ನಡೆಯಿತು. 2020ರ ಕೋವಿಡ್ ಸಮಯದಲ್ಲಿ 50 ಸಾಹಿತಿಗಳ ಕುರಿತು ಆನ್‌ಲೈನ್ ಉಪನ್ಯಾಸ ಸರಣಿ ನಡೆಸಲಾಯಿತು.
ಭೌಗೋಳಿಕ ವ್ಯಾಪ್ತಿಯ ಸಂಘಟನಾ ವ್ಯವಸ್ಥೆ
ಸಮಿತಿಯು ರಾಜ್ಯ, ವಿಭಾಗ, ಜಿಲ್ಲೆ ಮತ್ತು ತಾಲೂಕು ಹಂತಗಳಲ್ಲಿ ಸ್ವರೂಪವನ್ನು ಹೊಂದಿದೆ. ಪ್ರತಿ ಹಂತದಲ್ಲೂ ಸಮಿತಿಗಳು ಕಾರ್ಯನಿರ್ವಹಿಸುತ್ತಿವೆ. ರಾಜ್ಯ ಸಮಿತಿಯು ಒಟ್ಟು ಸಂಘಟನೆಯ ಮಾರ್ಗದರ್ಶನ ಮಾಡುತ್ತದೆ. ಜಿಲ್ಲಾ ಸಮಿತಿಗಳು ಸ್ಥಳೀಯ ಮಟ್ಟದಲ್ಲಿ ಸಾಹಿತ್ಯ ಚಟುವಟಿಕೆಗಳನ್ನು ಆಯೋಜಿಸುತ್ತವೆ. ಯುವ ಬರಹಗಾರರನ್ನು ಪ್ರೋತ್ಸಾಹಿಸುವುದು ಮುಖ್ಯ ಉದ್ದೇಶ.
ಸಾಹಿತ್ಯದ ಪ್ರಕಾರ
ಪ್ರಕಾರ ವಿಸ್ತಾರವಾದ ಸಾಹಿತ್ಯದಲ್ಲಿ ಒಂದು ಸಾರ್ವಭೌಮಿಕ ನೋಟ. ಕಥೆ, ಕವನ, ಕಾದಂಬರಿ, ನಾಟಕ ಇತ್ಯಾದಿ. ಇಲ್ಲಿ ಸಾಹಿತ್ಯದ ಪ್ರಕಾರಗಳಿವೆ. ಅವುಗಳ ಮೂಲಕ ಸಾಹಿತ್ಯಿಕ ಚಟುವಟಿಕೆಗಳನ್ನು ನಡೆಸಲಾಗುತ್ತದೆ. ವಿಮರ್ಶೆ, ಸಂಶೋಧನೆ, ಅನುವಾದ ಕ್ಷೇತ್ರಗಳಲ್ಲೂ ಕಾರ್ಯ ನಡೆಯುತ್ತಿದೆ.
ವ್ಯಕ್ತಿತ್ವ ನಿರ್ಮಾಣಕ್ಕೆ ಸಾಹಿತ್ಯ ಕೂಟ
ಜಿಲ್ಲೆ, ತಾಲೂಕು ಮಟ್ಟದಲ್ಲಿ ಯುವ ಬರಹಗಾರರನ್ನು ಗುರುತಿಸಿ ಅವರಿಗೆ ಪ್ರೋತ್ಸಾಹ ನೀಡುವ ಕೆಲಸ ಮಾಡಲಾಗುತ್ತದೆ. ಸಾಹಿತ್ಯ ಕೂಟಗಳ ಮೂಲಕ ವ್ಯಕ್ತಿತ್ವ ನಿರ್ಮಾಣದ ಕಾರ್ಯ ನಡೆಯುತ್ತಿದೆ.
ಮೂರು ವರ್ಷಗಳಿಗೊಮ್ಮೆ ರಾಜ್ಯ ಅಧಿವೇಶನ
ಯುವಸಾಹಿತಿಗಳ ಚಿಂತನಾಗೋಷ್ಠಿ
ಕಥೆ, ಕವನ, ನಾಟಕ ಇತ್ಯಾದಿ ಸಾಹಿತ್ಯ ಪ್ರಕಾರಗಳಲ್ಲಿ ಕಮ್ಮಟ ಆಯೋಜನೆ
ವ್ಯಾಸಜಯಂತಿ, ವಾಲ್ಮೀಕಿ ಜಯಂತಿ, ಯುಗಾದಿಯಂದು
ಜಿಲ್ಲಾ, ತಾಲೂಕು ಸಮಿತಿಗಳಿಂದ ವಿವಿಧ ಸಾಹಿತ್ಯ ಕಾರ್ಯಕ್ರಮ
ತಿಂಗಳ ಸರಣಿ ಸಾಹಿತ್ಯ ಕಾರ್ಯಕ್ರಮ ಸಾಹಿತ್ಯ ಸಂವಾದ
ಪ್ರತಿವಾರ ನಡೆಯುವ ಸಾಹಿತ್ಯ ಚಟುವಟಿಕೆ
ಕಾರ್ಯಕರ್ತರ ಅಭ್ಯಾಸ ವರ್ಗ
ಪ್ರತಿ ವರ್ಷ ಜೂನ್ ತಿಂಗಳಲ್ಲಿ ಸಾಹಿತ್ಯ ಶಿಬಿರ
ವಾಲ್ಮೀಕಿ ಜಯಂತಿ ಸಂದರ್ಭದಲ್ಲಿ ಸಾಧಕರಿಗೆ ಸನ್ಮಾನ
ಪ್ರತಿ ಜಿಲ್ಲೆಯಲ್ಲಿ ಸಾಹಿತ್ಯ ಸಾಧಕರ ಪುರಸ್ಕಾರ
ಸಾಮಾಜಿಕ ಕಾಳಜಿ ಮತ್ತು ರಾಷ್ಟ್ರೀಯ ದೃಷ್ಟಿಕೋನವುಳ್ಳ ಸಾಹಿತ್ಯ ಚಿಂತನೆ
ಆಯ್ದ ಸಾಹಿತ್ಯ ಕೃತಿಗಳ ಪ್ರಕಾಶನ
